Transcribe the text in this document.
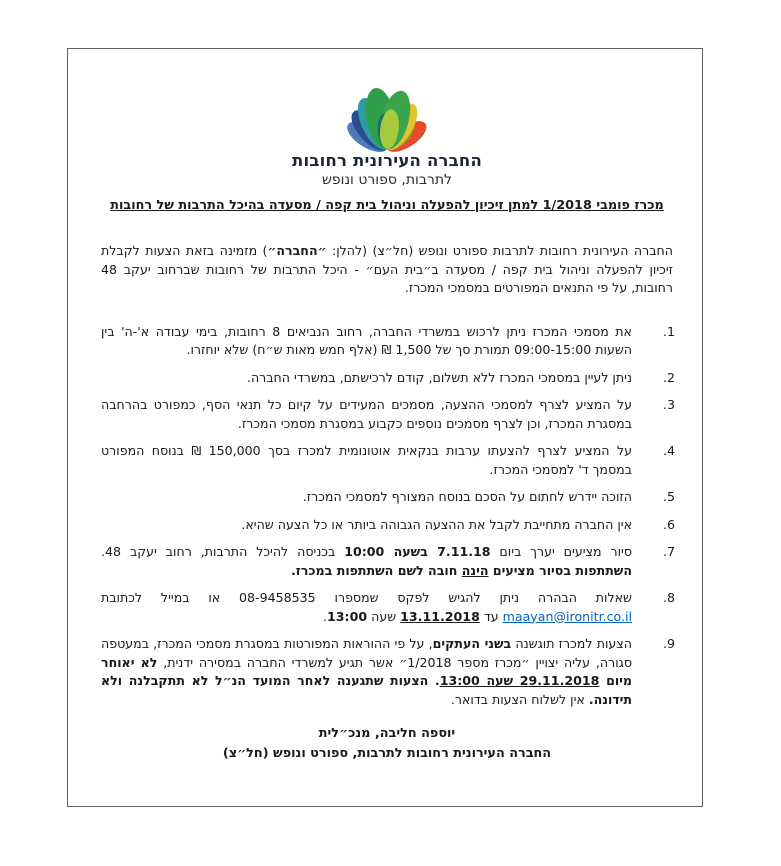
החברה העירונית רחובות
לתרבות, ספורט ונופש
מכרז פומבי 1/2018 למתן זיכיון להפעלה וניהול בית קפה / מסעדה בהיכל התרבות של רחובות

החברה העירונית רחובות לתרבות ספורט ונופש (חל״צ) (להלן: ״החברה״) מזמינה בזאת הצעות לקבלת זיכיון להפעלה וניהול בית קפה / מסעדה ב״בית העם״ - היכל התרבות של רחובות שברחוב יעקב 48 רחובות, על פי התנאים המפורטים במסמכי המכרז.

1.
את מסמכי המכרז ניתן לרכוש במשרדי החברה, רחוב הנביאים 8 רחובות, בימי עבודה א'-ה' בין השעות 09:00-15:00 תמורת סך של 1,500 ₪ (אלף חמש מאות ש״ח) שלא יוחזרו.
2.
ניתן לעיין במסמכי המכרז ללא תשלום, קודם לרכישתם, במשרדי החברה.
3.
על המציע לצרף למסמכי ההצעה, מסמכים המעידים על קיום כל תנאי הסף, כמפורט בהרחבה במסגרת המכרז, וכן לצרף מסמכים נוספים כקבוע במסגרת מסמכי המכרז.
4.
על המציע לצרף להצעתו ערבות בנקאית אוטונומית למכרז בסך 150,000 ₪ בנוסח המפורט במסמך ד' למסמכי המכרז.
5.
הזוכה יידרש לחתום על הסכם בנוסח המצורף למסמכי המכרז.
6.
אין החברה מתחייבת לקבל את ההצעה הגבוהה ביותר או כל הצעה שהיא.
7.
סיור מציעים יערך ביום 7.11.18 בשעה 10:00 בכניסה להיכל התרבות, רחוב יעקב 48. השתתפות בסיור מציעים הינה חובה לשם השתתפות במכרז.
8.
שאלות הבהרה ניתן להגיש לפקס שמספרו 08-9458535 או במייל לכתובת maayan@ironitr.co.il עד 13.11.2018 שעה 13:00.
9.
הצעות למכרז תוגשנה בשני העתקים, על פי ההוראות המפורטות במסגרת מסמכי המכרז, במעטפה סגורה, עליה יצויין ״מכרז מספר 1/2018״ אשר תגיע למשרדי החברה במסירה ידנית, לא יאוחר מיום 29.11.2018 שעה 13:00. הצעות שתגענה לאחר המועד הנ״ל לא תתקבלנה ולא תידונה. אין לשלוח הצעות בדואר.
יוספה חליבה, מנכ״לית
החברה העירונית רחובות לתרבות, ספורט ונופש (חל״צ)
